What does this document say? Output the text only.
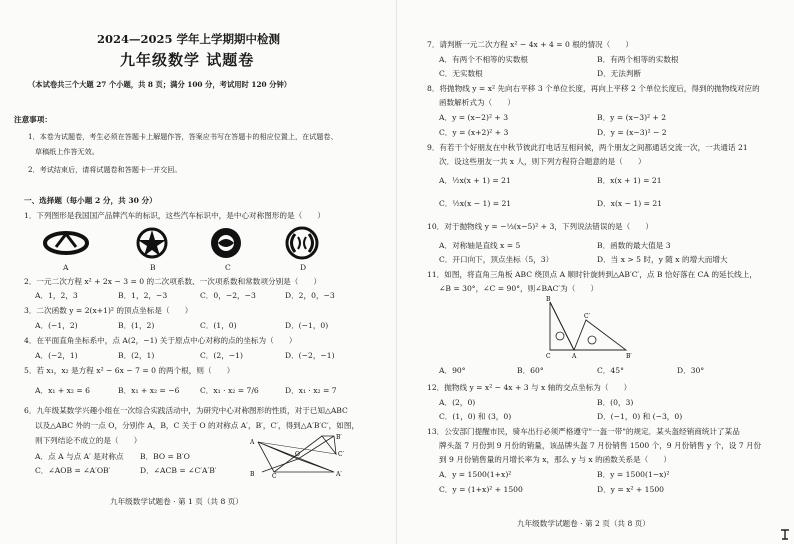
2024—2025 学年上学期期中检测
九年级数学 试题卷
（本试卷共三个大题 27 个小题，共 8 页；满分 100 分，考试用时 120 分钟）
注意事项：
1．本卷为试题卷，考生必须在答题卡上解题作答，答案应书写在答题卡的相应位置上，在试题卷、
草稿纸上作答无效。
2．考试结束后，请将试题卷和答题卡一并交回。
一、选择题（每小题 2 分，共 30 分）
1．下列图形是我国国产品牌汽车的标识，这些汽车标识中，是中心对称图形的是（　　）
A	B	C	D
2．一元二次方程 x² + 2x − 3 = 0 的二次项系数、一次项系数和常数项分别是（　　）
A．1，2，3	B．1，2，−3	C．0，−2，−3	D．2，0，−3
3．二次函数 y = 2(x+1)² 的顶点坐标是（　　）
A．(−1，2)	B．(1，2)	C．(1，0)	D．(−1，0)
4．在平面直角坐标系中，点 A(2，−1) 关于原点中心对称的点的坐标为（　　）
A．(−2，1)	B．(2，1)	C．(2，−1)	D．(−2，−1)
5．若 x₁，x₂ 是方程 x² − 6x − 7 = 0 的两个根，则（　　）
A．x₁ + x₂ = 6	B．x₁ + x₂ = −6	C．x₁ · x₂ = 7/6	D．x₁ · x₂ = 7
6．九年级某数学兴趣小组在一次综合实践活动中，为研究中心对称图形的性质，对于已知△ABC
以及△ABC 外的一点 O，分别作 A，B，C 关于 O 的对称点 A′，B′，C′，得到△A′B′C′，如图，
则下列结论不成立的是（　　）
A．点 A 与点 A′ 是对称点 B．BO = B′O
C．∠AOB = ∠A′OB′	D．∠ACB = ∠C′A′B′
A
B	C
O
A′
B′
C′
九年级数学试题卷 · 第 1 页（共 8 页）
7．请判断一元二次方程 x² − 4x + 4 = 0 根的情况（　　）
A．有两个不相等的实数根	B．有两个相等的实数根
C．无实数根	D．无法判断
8．将抛物线 y = x² 先向右平移 3 个单位长度，再向上平移 2 个单位长度后，得到的抛物线对应的
函数解析式为（　　）
A．y = (x−2)² + 3	B．y = (x−3)² + 2
C．y = (x+2)² + 3	D．y = (x−3)² − 2
9．有若干个好朋友在中秋节彼此打电话互相问候，两个朋友之间都通话交流一次，一共通话 21
次．设这些朋友一共 x 人，则下列方程符合题意的是（　　）
A．½x(x + 1) = 21	B．x(x + 1) = 21
C．½x(x − 1) = 21	D．x(x − 1) = 21
10．对于抛物线 y = −⅓(x−5)² + 3，下列说法错误的是（　　）
A．对称轴是直线 x = 5	B．函数的最大值是 3
C．开口向下，顶点坐标（5，3）	D．当 x > 5 时，y 随 x 的增大而增大
11．如图，将直角三角板 ABC 绕顶点 A 顺时针旋转到△AB′C′，点 B 恰好落在 CA 的延长线上，
∠B = 30°，∠C = 90°，则∠BAC′为（　　）
B
C	A
C′
B′
A．90°	B．60°	C．45°	D．30°
12．抛物线 y = x² − 4x + 3 与 x 轴的交点坐标为（　　）
A．(2，0)	B．(0，3)
C．(1，0) 和 (3，0)	D．(−1，0) 和 (−3，0)
13．公安部门提醒市民，骑车出行必须严格遵守"一盔一带"的规定．某头盔经销商统计了某品
牌头盔 7 月份到 9 月份的销量，该品牌头盔 7 月份销售 1500 个，9 月份销售 y 个，设 7 月份
到 9 月份销售量的月增长率为 x，那么 y 与 x 的函数关系是（　　）
A．y = 1500(1+x)²	B．y = 1500(1−x)²
C．y = (1+x)² + 1500	D．y = x² + 1500
九年级数学试题卷 · 第 2 页（共 8 页）
